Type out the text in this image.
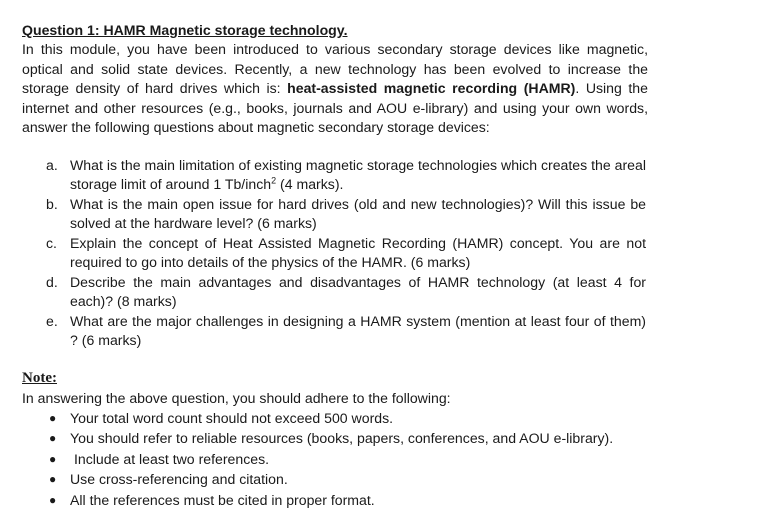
Question 1: HAMR Magnetic storage technology.
In this module, you have been introduced to various secondary storage devices like magnetic, optical and solid state devices. Recently, a new technology has been evolved to increase the storage density of hard drives which is: heat-assisted magnetic recording (HAMR). Using the internet and other resources (e.g., books, journals and AOU e-library) and using your own words, answer the following questions about magnetic secondary storage devices:
a. What is the main limitation of existing magnetic storage technologies which creates the areal storage limit of around 1 Tb/inch$^2$ (4 marks).
b. What is the main open issue for hard drives (old and new technologies)? Will this issue be solved at the hardware level? (6 marks)
c. Explain the concept of Heat Assisted Magnetic Recording (HAMR) concept. You are not required to go into details of the physics of the HAMR. (6 marks)
d. Describe the main advantages and disadvantages of HAMR technology (at least 4 for each)? (8 marks)
e. What are the major challenges in designing a HAMR system (mention at least four of them) ? (6 marks)
Note:
In answering the above question, you should adhere to the following:
● Your total word count should not exceed 500 words.
● You should refer to reliable resources (books, papers, conferences, and AOU e-library).
●	Include at least two references.
● Use cross-referencing and citation.
● All the references must be cited in proper format.
